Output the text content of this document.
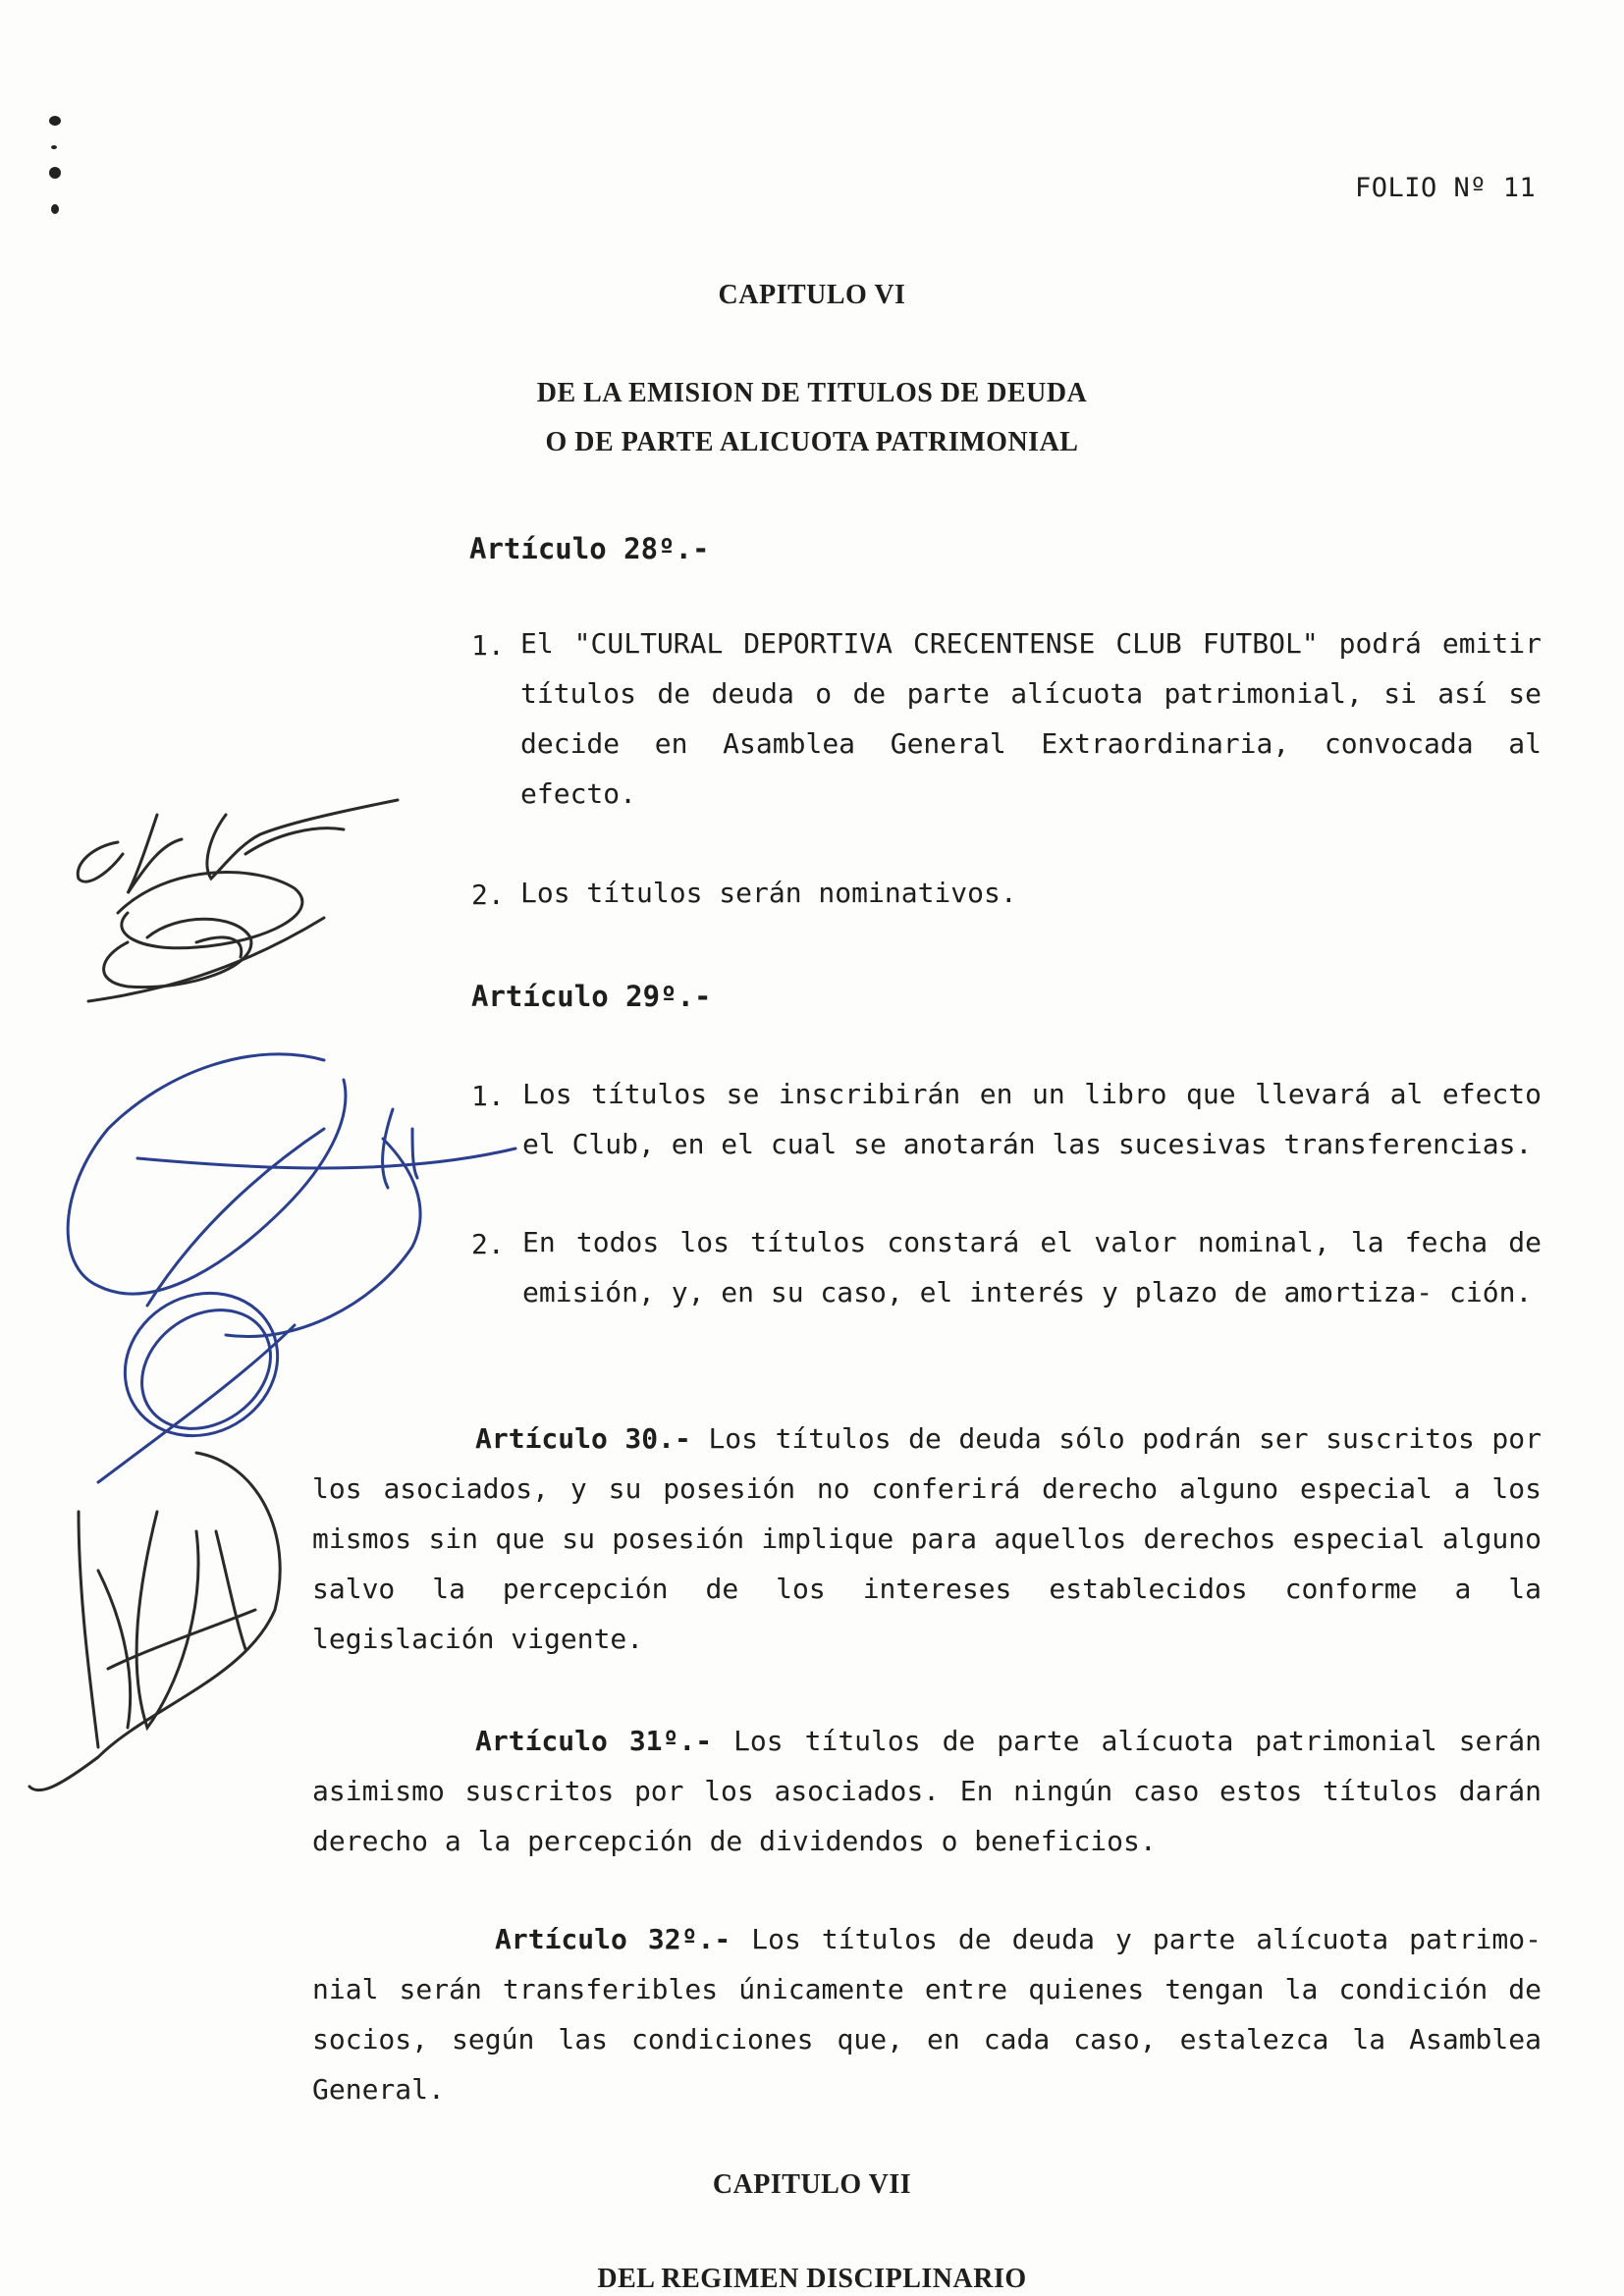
FOLIO Nº 11
CAPITULO VI
DE LA EMISION DE TITULOS DE DEUDA
O DE PARTE ALICUOTA PATRIMONIAL
Artículo 28º.-
1. El "CULTURAL DEPORTIVA CRECENTENSE CLUB FUTBOL" podrá emitir títulos de deuda o de parte alícuota patrimonial, si así se decide en Asamblea General Extraordinaria, convocada al efecto.
2. Los títulos serán nominativos.
Artículo 29º.-
1. Los títulos se inscribirán en un libro que llevará al efecto el Club, en el cual se anotarán las sucesivas transferencias.
2. En todos los títulos constará el valor nominal, la fecha de emisión, y, en su caso, el interés y plazo de amortiza- ción.
Artículo 30.- Los títulos de deuda sólo podrán ser suscritos por los asociados, y su posesión no conferirá derecho alguno especial a los mismos sin que su posesión implique para aquellos derechos especial alguno salvo la percepción de los intereses establecidos conforme a la legislación vigente.
Artículo 31º.- Los títulos de parte alícuota patrimonial serán asimismo suscritos por los asociados. En ningún caso estos títulos darán derecho a la percepción de dividendos o beneficios.
Artículo 32º.- Los títulos de deuda y parte alícuota patrimo- nial serán transferibles únicamente entre quienes tengan la condición de socios, según las condiciones que, en cada caso, estalezca la Asamblea General.
CAPITULO VII
DEL REGIMEN DISCIPLINARIO
